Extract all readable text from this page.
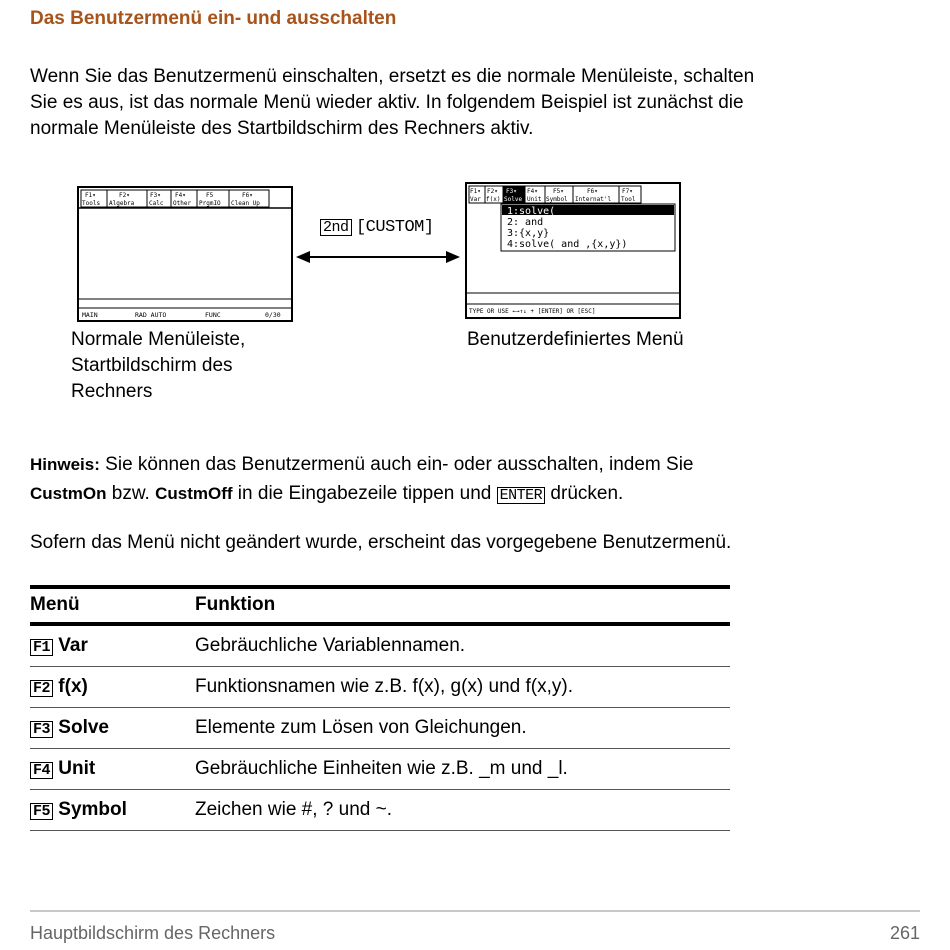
Das Benutzermenü ein- und ausschalten
Wenn Sie das Benutzermenü einschalten, ersetzt es die normale Menüleiste, schalten
Sie es aus, ist das normale Menü wieder aktiv. In folgendem Beispiel ist zunächst die
normale Menüleiste des Startbildschirm des Rechners aktiv.
F1▾
Tools
F2▾
Algebra
F3▾
Calc
F4▾
Other
F5
PrgmIO
F6▾
Clean Up
MAIN	RAD AUTO	FUNC	0/30
Normale Menüleiste,
Startbildschirm des
Rechners
2nd [CUSTOM]
F1▾
Var
F2▾
f(x)
F3▾
Solve
F4▾
Unit
F5▾
Symbol
F6▾
Internat'l
F7▾
Tool
1:solve(
2: and
3:{x,y}
4:solve( and ,{x,y})
TYPE OR USE ←→↑↓ + [ENTER] OR [ESC]
Benutzerdefiniertes Menü
Hinweis: Sie können das Benutzermenü auch ein- oder ausschalten, indem Sie
CustmOn bzw. CustmOff in die Eingabezeile tippen und ENTER drücken.
Sofern das Menü nicht geändert wurde, erscheint das vorgegebene Benutzermenü.
Menü	Funktion
F1 Var	Gebräuchliche Variablennamen.
F2 f(x)	Funktionsnamen wie z.B. f(x), g(x) und f(x,y).
F3 Solve	Elemente zum Lösen von Gleichungen.
F4 Unit	Gebräuchliche Einheiten wie z.B. _m und _l.
F5 Symbol	Zeichen wie #, ? und ~.
Hauptbildschirm des Rechners	261
